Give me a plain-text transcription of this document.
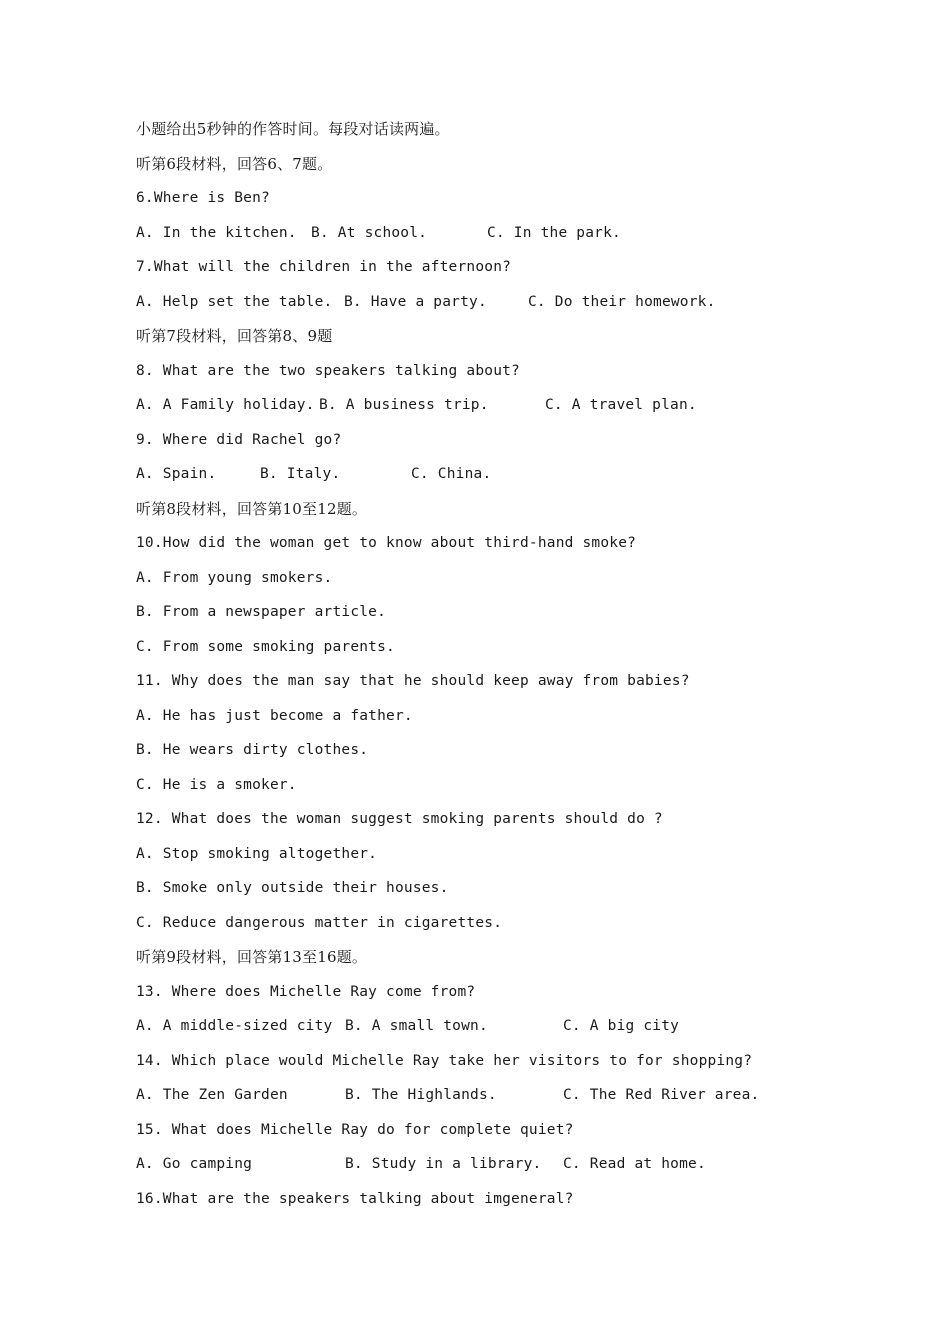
小题给出5秒钟的作答时间。每段对话读两遍。
听第6段材料，回答6、7题。
6.Where is Ben?
A. In the kitchen. B. At school.	C. In the park.
7.What will the children in the afternoon?
A. Help set the table. B. Have a party.	C. Do their homework.
听第7段材料，回答第8、9题
8. What are the two speakers talking about?
A. A Family holiday. B. A business trip.	C. A travel plan.
9. Where did Rachel go?
A. Spain.	B. Italy.	C. China.
听第8段材料，回答第10至12题。
10.How did the woman get to know about third-hand smoke?
A. From young smokers.
B. From a newspaper article.
C. From some smoking parents.
11. Why does the man say that he should keep away from babies?
A. He has just become a father.
B. He wears dirty clothes.
C. He is a smoker.
12. What does the woman suggest smoking parents should do ?
A. Stop smoking altogether.
B. Smoke only outside their houses.
C. Reduce dangerous matter in cigarettes.
听第9段材料，回答第13至16题。
13. Where does Michelle Ray come from?
A. A middle-sized city B. A small town.	C. A big city
14. Which place would Michelle Ray take her visitors to for shopping?
A. The Zen Garden	B. The Highlands.	C. The Red River area.
15. What does Michelle Ray do for complete quiet?
A. Go camping	B. Study in a library.	C. Read at home.
16.What are the speakers talking about imgeneral?
